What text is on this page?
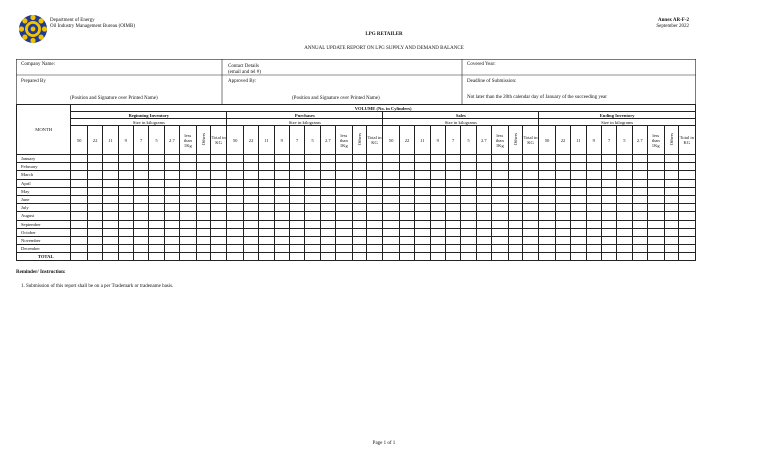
Department of Energy
Oil Industry Management Bureau (OIMB)
Annex AR-F-2
September 2022
LPG RETAILER
ANNUAL UPDATE REPORT ON LPG SUPPLY AND DEMAND BALANCE
Company Name:	Contact Details
(email and tel #)
Covered Year:
Prepared By	Approved By:	Deadline of Submission:
(Position and Signature over Printed Name)	(Position and Signature over Printed Name)	Not later than the 20th calendar day of January of the succeeding year
MONTH	VOLUME (No. in Cylinders)																																							
	Beginning Inventory										Purchases										Sales										Ending Inventory									
	Size in kilograms										Size in kilograms										Size in kilograms										Size in kilograms									
	50	22	11	9	7	5	2.7	less than 1Kg	Others	Total in KG	50	22	11	9	7	5	2.7	less than 1Kg	Others	Total in KG	50	22	11	9	7	5	2.7	less than 1Kg	Others	Total in KG	50	22	11	9	7	5	2.7	less than 1Kg	Others	Total in KG
January																																								
February																																								
March																																								
April																																								
May																																								
June																																								
July																																								
August																																								
September																																								
October																																								
November																																								
December																																								
TOTAL																																								
Reminder/ Instruction:
1. Submission of this report shall be on a per Trademark or tradename basis.
Page 1 of 1
